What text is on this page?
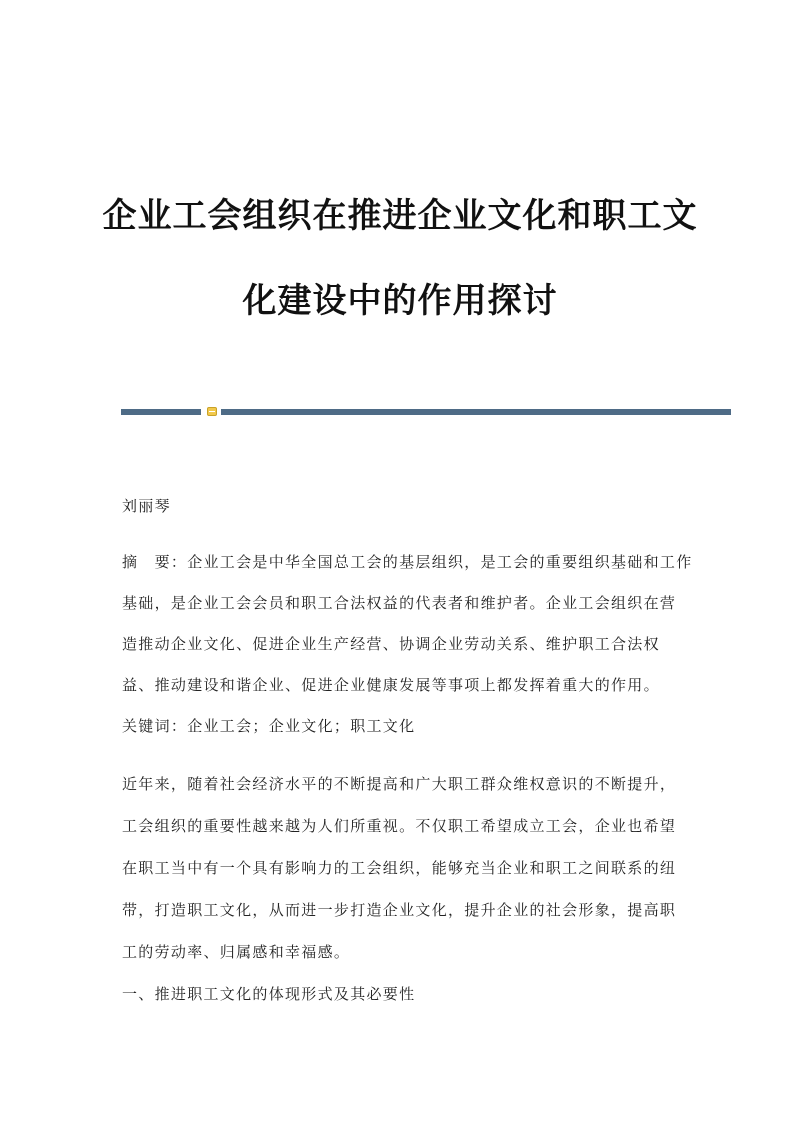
企业工会组织在推进企业文化和职工文
化建设中的作用探讨
刘丽琴
摘　要：企业工会是中华全国总工会的基层组织，是工会的重要组织基础和工作
基础，是企业工会会员和职工合法权益的代表者和维护者。企业工会组织在营
造推动企业文化、促进企业生产经营、协调企业劳动关系、维护职工合法权
益、推动建设和谐企业、促进企业健康发展等事项上都发挥着重大的作用。
关键词：企业工会；企业文化；职工文化
近年来，随着社会经济水平的不断提高和广大职工群众维权意识的不断提升，
工会组织的重要性越来越为人们所重视。不仅职工希望成立工会，企业也希望
在职工当中有一个具有影响力的工会组织，能够充当企业和职工之间联系的纽
带，打造职工文化，从而进一步打造企业文化，提升企业的社会形象，提高职
工的劳动率、归属感和幸福感。
一、推进职工文化的体现形式及其必要性
